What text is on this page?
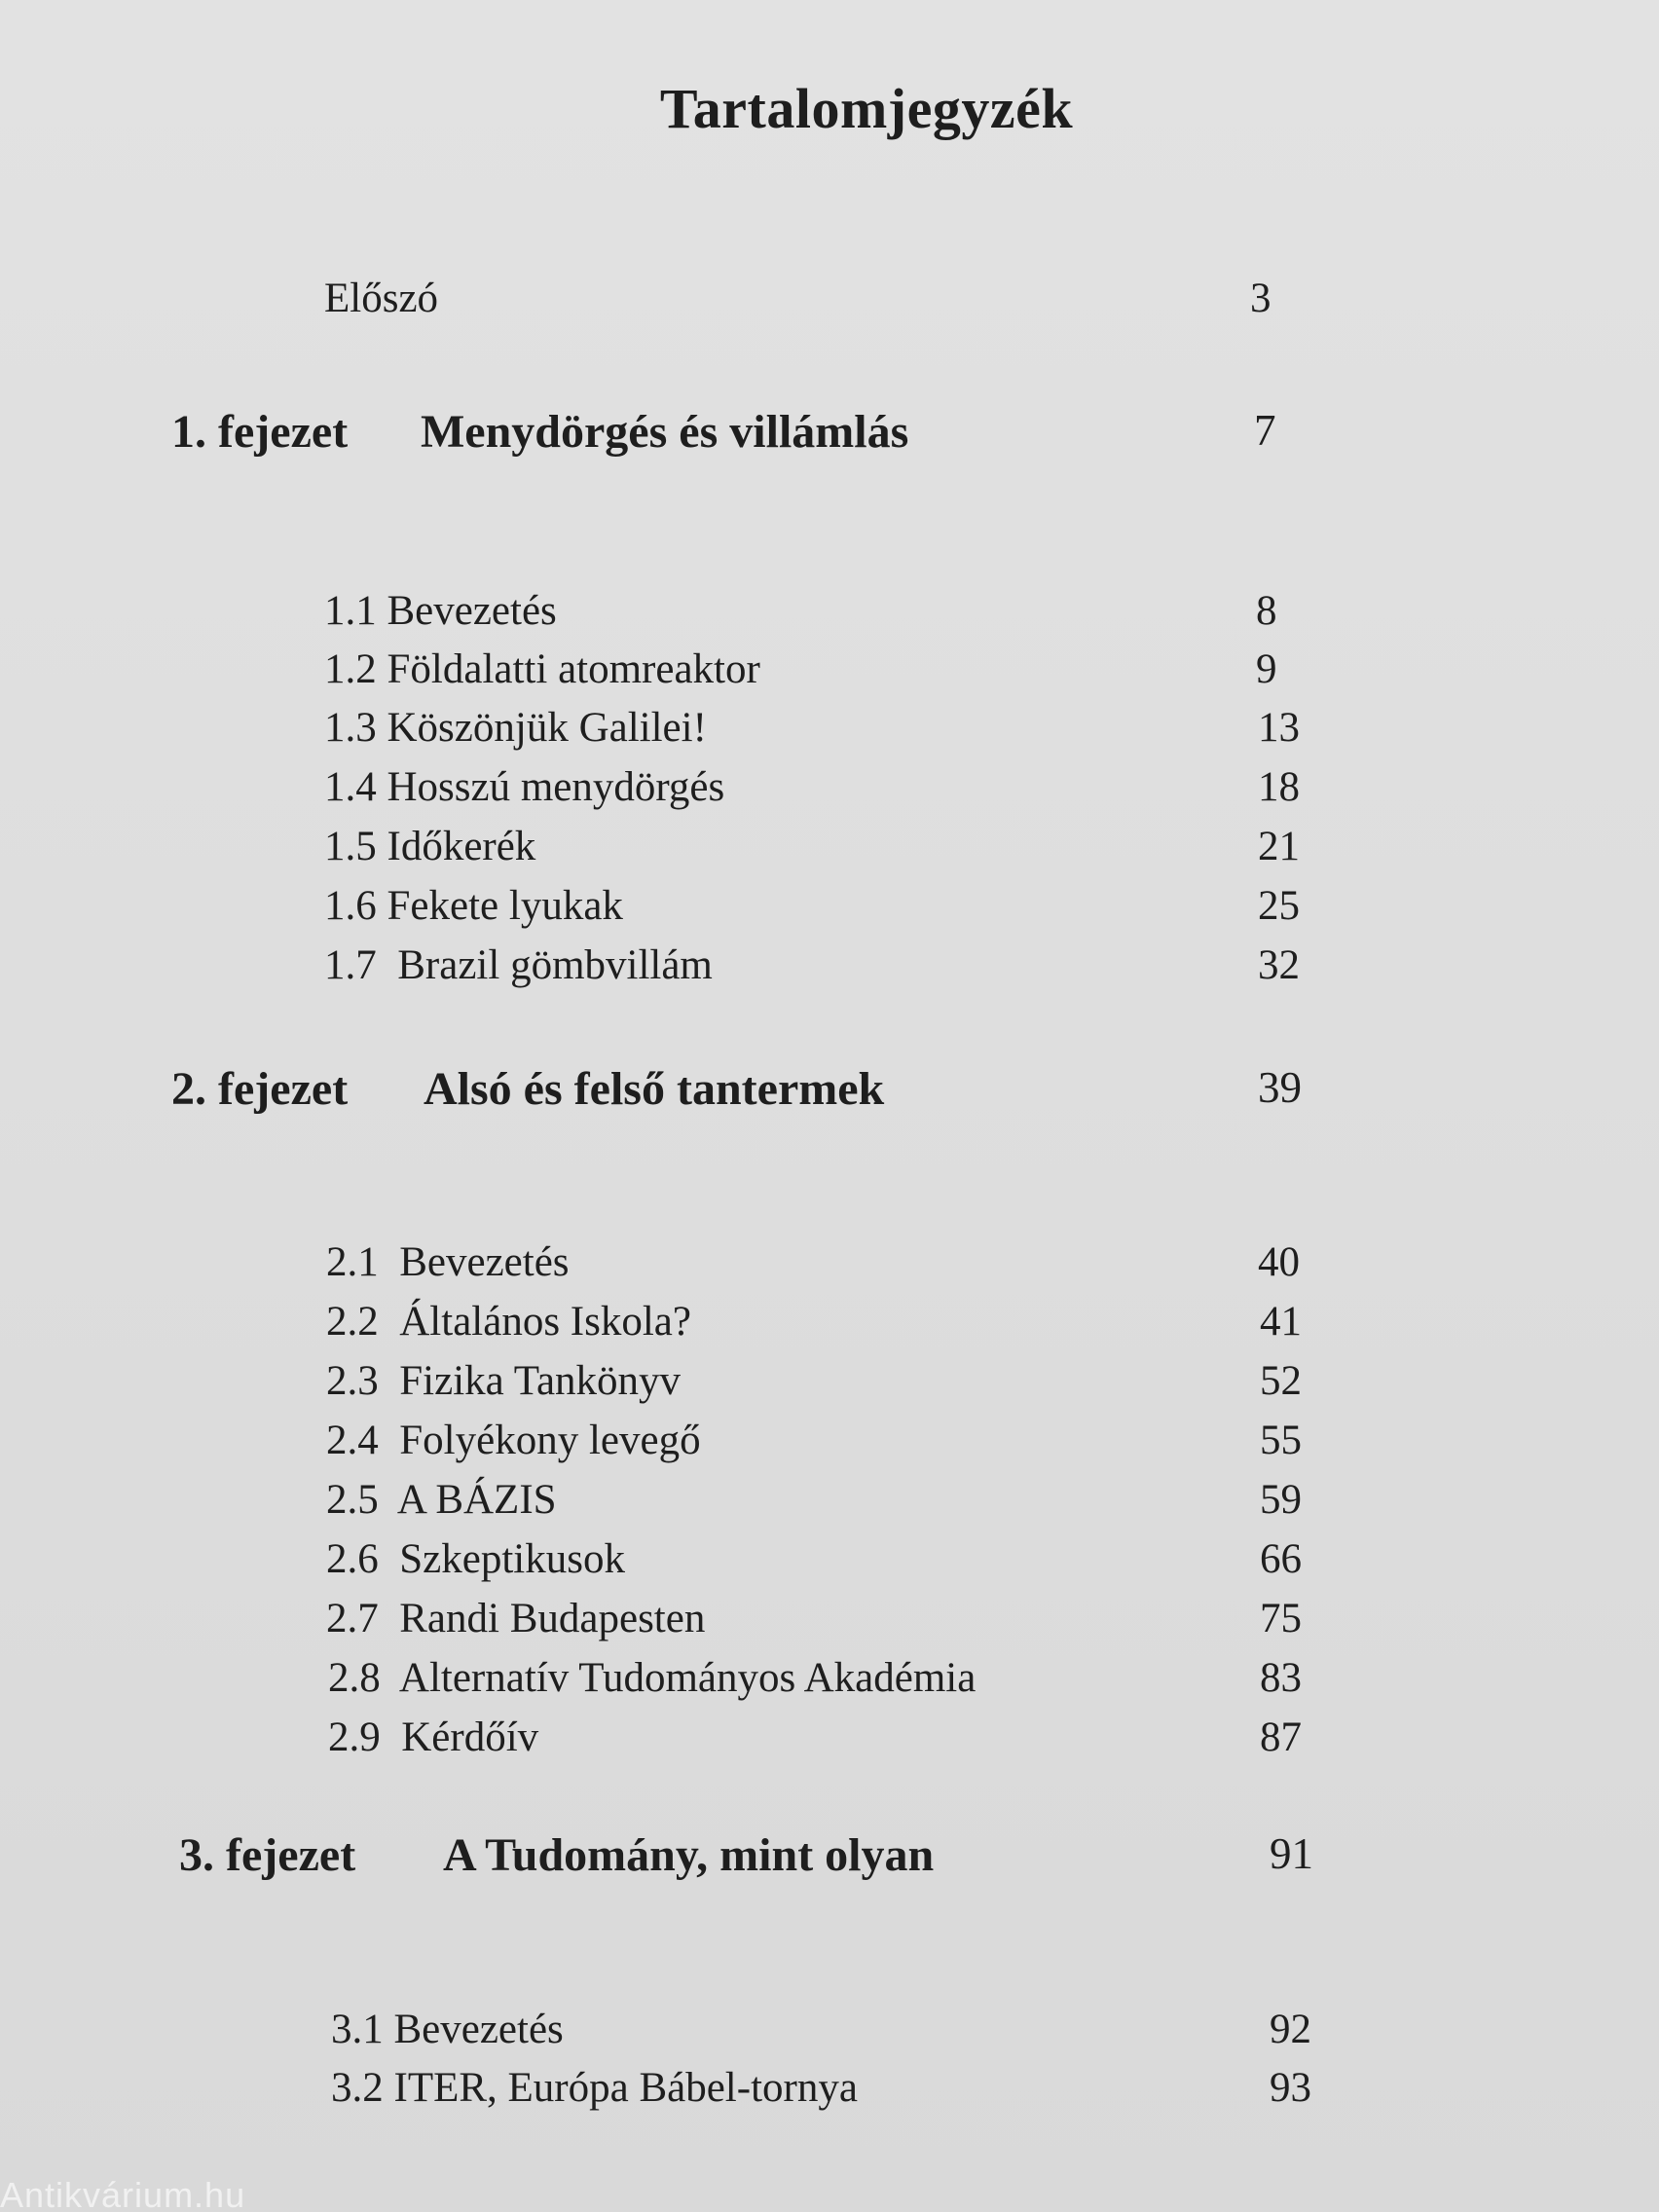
Tartalomjegyzék
Előszó	3
1. fejezet Menydörgés és villámlás	7
1.1 Bevezetés	8
1.2 Földalatti atomreaktor	9
1.3 Köszönjük Galilei!	13
1.4 Hosszú menydörgés	18
1.5 Időkerék	21
1.6 Fekete lyukak	25
1.7 Brazil gömbvillám	32
2. fejezet Alsó és felső tantermek	39
2.1 Bevezetés	40
2.2 Általános Iskola?	41
2.3 Fizika Tankönyv	52
2.4 Folyékony levegő	55
2.5 A BÁZIS	59
2.6 Szkeptikusok	66
2.7 Randi Budapesten	75
2.8 Alternatív Tudományos Akadémia	83
2.9 Kérdőív	87
3. fejezet A Tudomány, mint olyan	91
3.1 Bevezetés	92
3.2 ITER, Európa Bábel-tornya	93
Antikvárium.hu
